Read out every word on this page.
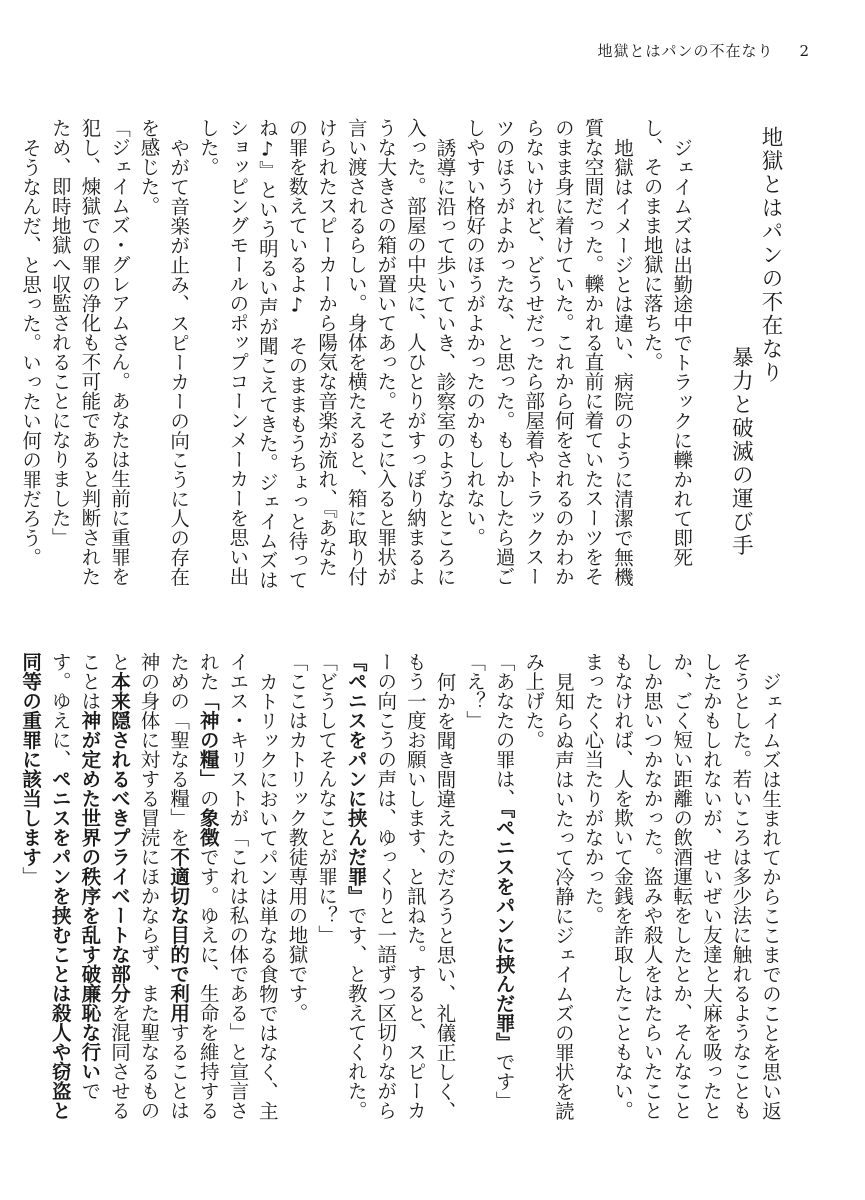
地獄とはパンの不在なり 2
地獄とはパンの不在なり
暴力と破滅の運び手

ジェイムズは出勤途中でトラックに轢かれて即死し、そのまま地獄に落ちた。

地獄はイメージとは違い、病院のように清潔で無機質な空間だった。轢かれる直前に着ていたスーツをそのまま身に着けていた。これから何をされるのかわからないけれど、どうせだったら部屋着やトラックスーツのほうがよかったな、と思った。もしかしたら過ごしやすい格好のほうがよかったのかもしれない。

誘導に沿って歩いていき、診察室のようなところに入った。部屋の中央に、人ひとりがすっぽり納まるような大きさの箱が置いてあった。そこに入ると罪状が言い渡されるらしい。身体を横たえると、箱に取り付けられたスピーカーから陽気な音楽が流れ、『あなたの罪を数えているよ♪　そのままもうちょっと待ってね♪』という明るい声が聞こえてきた。ジェイムズはショッピングモールのポップコーンメーカーを思い出した。

やがて音楽が止み、スピーカーの向こうに人の存在を感じた。

「ジェイムズ・グレアムさん。あなたは生前に重罪を犯し、煉獄での罪の浄化も不可能であると判断されたため、即時地獄へ収監されることになりました」

そうなんだ、と思った。いったい何の罪だろう。

ジェイムズは生まれてからここまでのことを思い返そうとした。若いころは多少法に触れるようなこともしたかもしれないが、せいぜい友達と大麻を吸ったとか、ごく短い距離の飲酒運転をしたとか、そんなことしか思いつかなかった。盗みや殺人をはたらいたこともなければ、人を欺いて金銭を詐取したこともない。まったく心当たりがなかった。

見知らぬ声はいたって冷静にジェイムズの罪状を読み上げた。

「あなたの罪は、『ペニスをパンに挟んだ罪』です」

「え？」

何かを聞き間違えたのだろうと思い、礼儀正しく、もう一度お願いします、と訊ねた。すると、スピーカーの向こうの声は、ゆっくりと一語ずつ区切りながら『ペニスをパンに挟んだ罪』です、と教えてくれた。

「どうしてそんなことが罪に？」

「ここはカトリック教徒専用の地獄です。

カトリックにおいてパンは単なる食物ではなく、主イエス・キリストが「これは私の体である」と宣言された「神の糧」の象徴です。ゆえに、生命を維持するための「聖なる糧」を不適切な目的で利用することは神の身体に対する冒涜にほかならず、また聖なるものと本来隠されるべきプライベートな部分を混同させることは神が定めた世界の秩序を乱す破廉恥な行いです。ゆえに、ペニスをパンを挟むことは殺人や窃盗と同等の重罪に該当します」
